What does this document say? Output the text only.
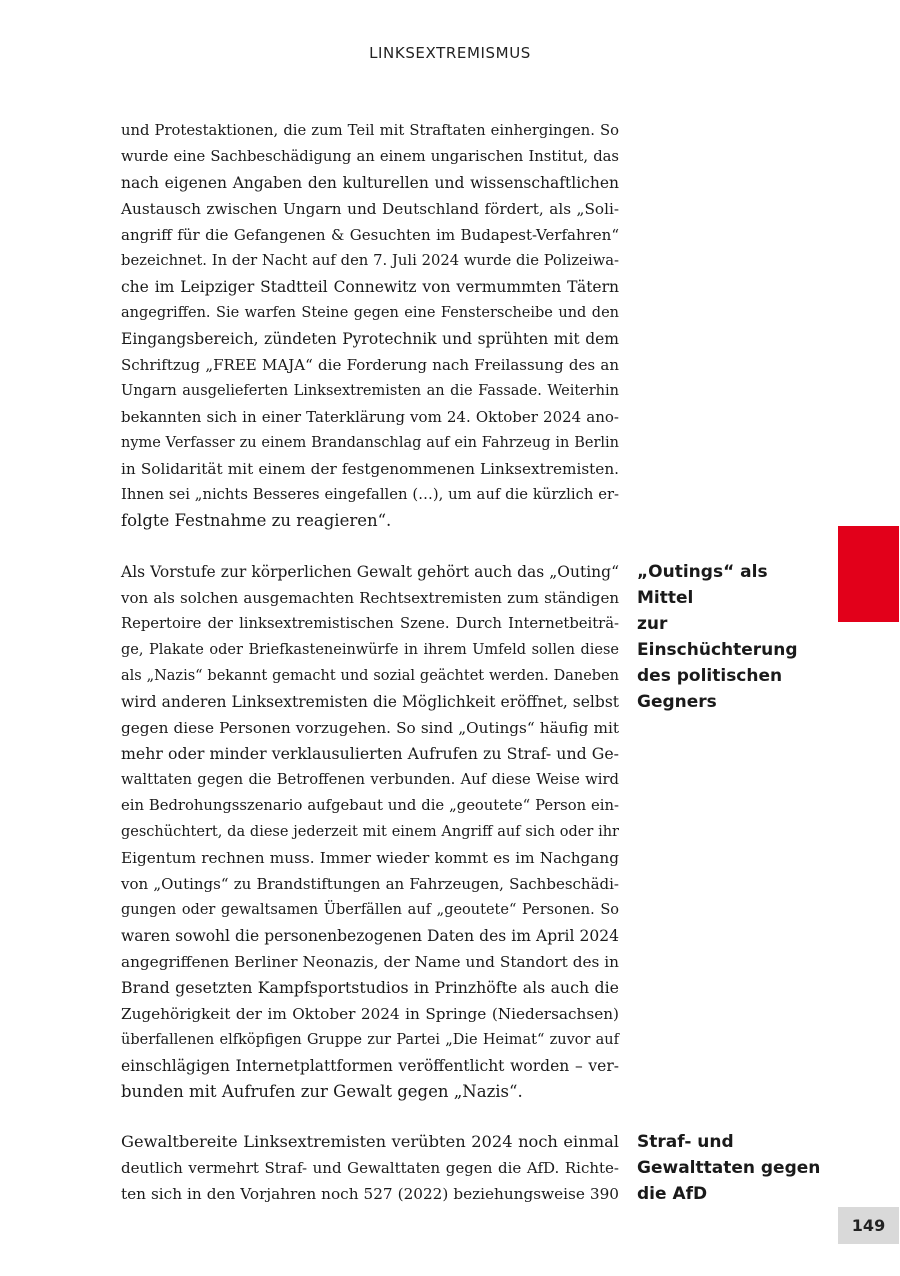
LINKSEXTREMISMUS
und Protestaktionen, die zum Teil mit Straftaten einhergingen. So
wurde eine Sachbeschädigung an einem ungarischen Institut, das
nach eigenen Angaben den kulturellen und wissenschaftlichen
Austausch zwischen Ungarn und Deutschland fördert, als „Soli-
angriff für die Gefangenen & Gesuchten im Budapest-Verfahren“
bezeichnet. In der Nacht auf den 7. Juli 2024 wurde die Polizeiwa-
che im Leipziger Stadtteil Connewitz von vermummten Tätern
angegriffen. Sie warfen Steine gegen eine Fensterscheibe und den
Eingangsbereich, zündeten Pyrotechnik und sprühten mit dem
Schriftzug „FREE MAJA“ die Forderung nach Freilassung des an
Ungarn ausgelieferten Linksextremisten an die Fassade. Weiterhin
bekannten sich in einer Taterklärung vom 24. Oktober 2024 ano-
nyme Verfasser zu einem Brandanschlag auf ein Fahrzeug in Berlin
in Solidarität mit einem der festgenommenen Linksextremisten.
Ihnen sei „nichts Besseres eingefallen (…), um auf die kürzlich er-
folgte Festnahme zu reagieren“.
Als Vorstufe zur körperlichen Gewalt gehört auch das „Outing“
von als solchen ausgemachten Rechtsextremisten zum ständigen
Repertoire der linksextremistischen Szene. Durch Internetbeiträ-
ge, Plakate oder Briefkasteneinwürfe in ihrem Umfeld sollen diese
als „Nazis“ bekannt gemacht und sozial geächtet werden. Daneben
wird anderen Linksextremisten die Möglichkeit eröffnet, selbst
gegen diese Personen vorzugehen. So sind „Outings“ häufig mit
mehr oder minder verklausulierten Aufrufen zu Straf- und Ge-
walttaten gegen die Betroffenen verbunden. Auf diese Weise wird
ein Bedrohungsszenario aufgebaut und die „geoutete“ Person ein-
geschüchtert, da diese jederzeit mit einem Angriff auf sich oder ihr
Eigentum rechnen muss. Immer wieder kommt es im Nachgang
von „Outings“ zu Brandstiftungen an Fahrzeugen, Sachbeschädi-
gungen oder gewaltsamen Überfällen auf „geoutete“ Personen. So
waren sowohl die personenbezogenen Daten des im April 2024
angegriffenen Berliner Neonazis, der Name und Standort des in
Brand gesetzten Kampfsportstudios in Prinzhöfte als auch die
Zugehörigkeit der im Oktober 2024 in Springe (Niedersachsen)
überfallenen elfköpfigen Gruppe zur Partei „Die Heimat“ zuvor auf
einschlägigen Internetplattformen veröffentlicht worden – ver-
bunden mit Aufrufen zur Gewalt gegen „Nazis“.
Gewaltbereite Linksextremisten verübten 2024 noch einmal
deutlich vermehrt Straf- und Gewalttaten gegen die AfD. Richte-
ten sich in den Vorjahren noch 527 (2022) beziehungsweise 390
„Outings“ als Mittel
zur Einschüchterung
des politischen
Gegners
Straf- und
Gewalttaten gegen
die AfD
149
